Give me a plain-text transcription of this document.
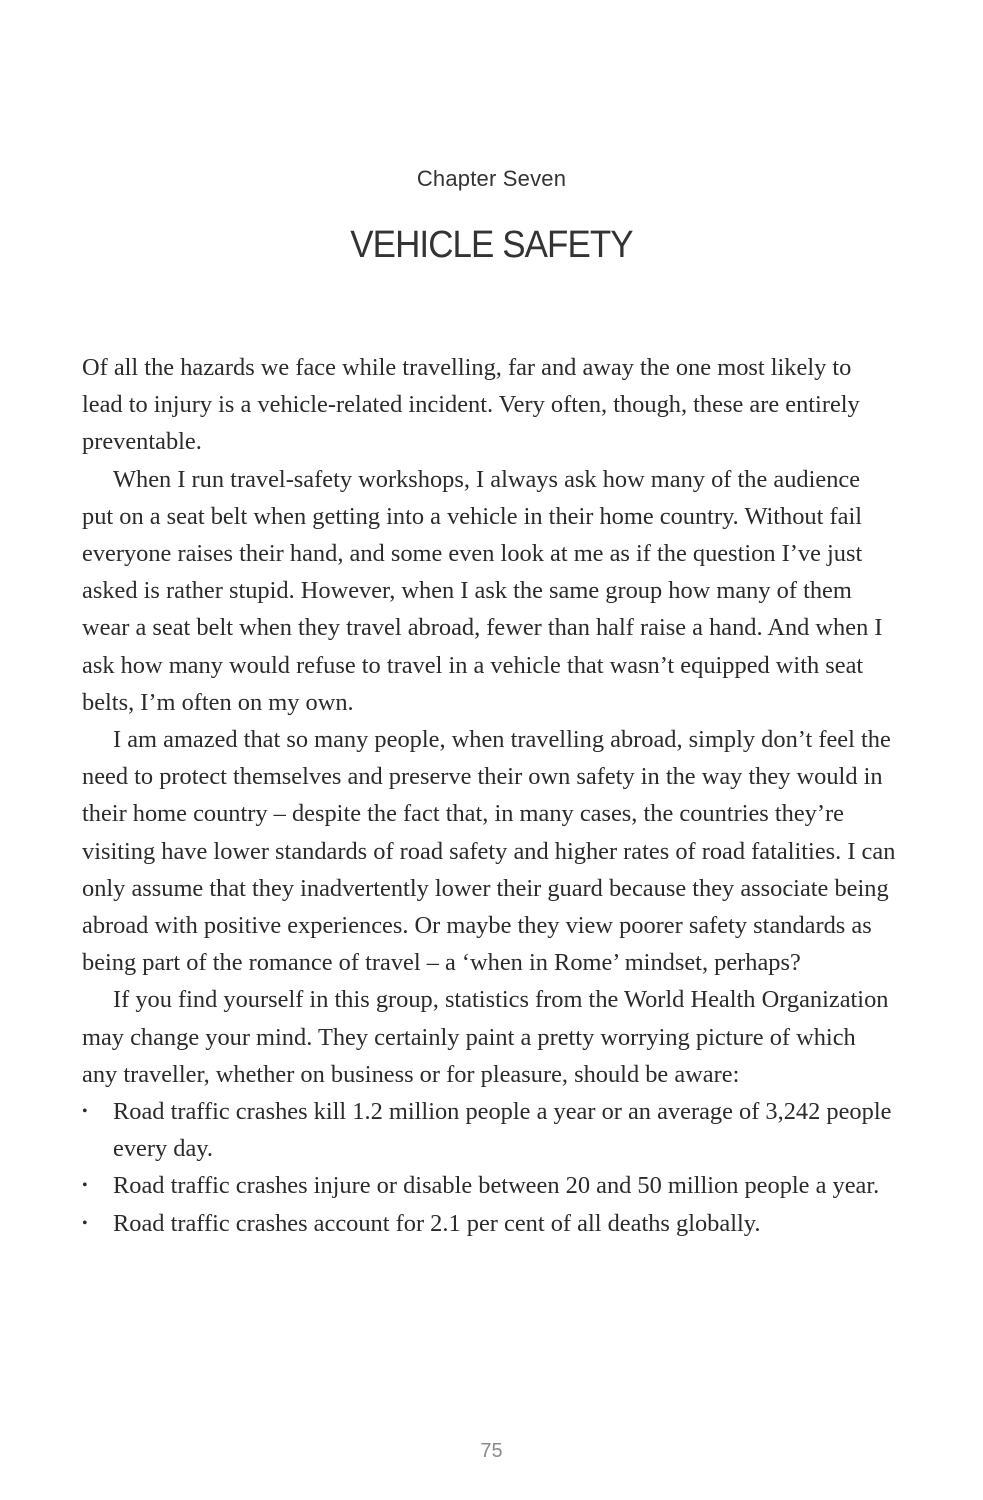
Chapter Seven
VEHICLE SAFETY

Of all the hazards we face while travelling, far and away the one most likely to lead to injury is a vehicle-related incident. Very often, though, these are entirely preventable.

When I run travel-safety workshops, I always ask how many of the audience put on a seat belt when getting into a vehicle in their home country. Without fail everyone raises their hand, and some even look at me as if the question I’ve just asked is rather stupid. However, when I ask the same group how many of them wear a seat belt when they travel abroad, fewer than half raise a hand. And when I ask how many would refuse to travel in a vehicle that wasn’t equipped with seat belts, I’m often on my own.

I am amazed that so many people, when travelling abroad, simply don’t feel the need to protect themselves and preserve their own safety in the way they would in their home country – despite the fact that, in many cases, the countries they’re visiting have lower standards of road safety and higher rates of road fatalities. I can only assume that they inadvertently lower their guard because they associate being abroad with positive experiences. Or maybe they view poorer safety standards as being part of the romance of travel – a ‘when in Rome’ mindset, perhaps?

If you find yourself in this group, statistics from the World Health Organization may change your mind. They certainly paint a pretty worrying picture of which any traveller, whether on business or for pleasure, should be aware:

•	Road traffic crashes kill 1.2 million people a year or an average of 3,242 people every day.
•	Road traffic crashes injure or disable between 20 and 50 million people a year.
•	Road traffic crashes account for 2.1 per cent of all deaths globally.
75
